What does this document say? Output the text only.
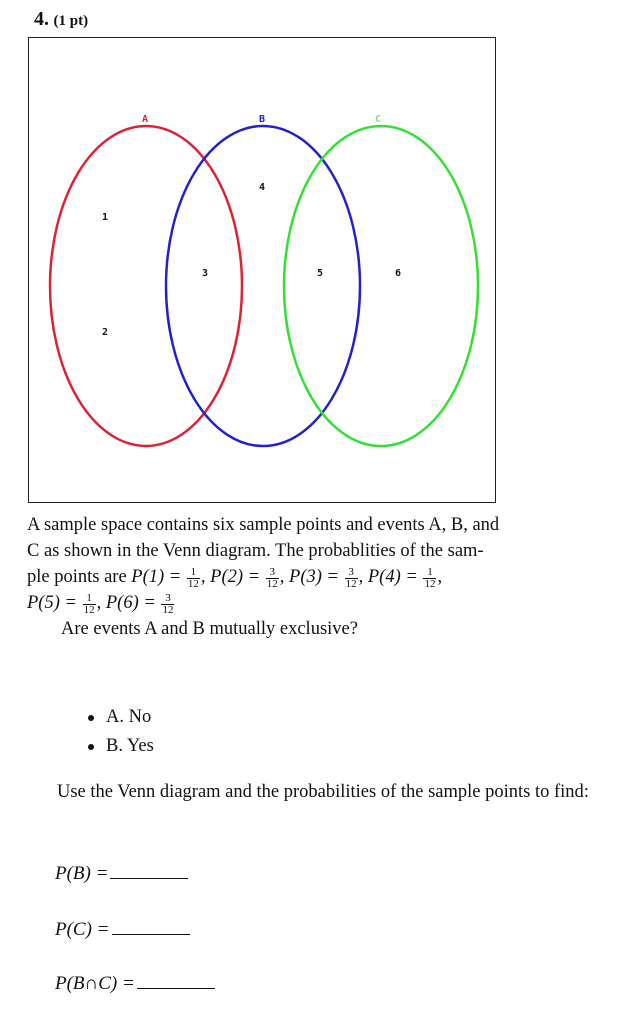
4. (1 pt)
A	B	C
1
2
3
4
5	6
A sample space contains six sample points and events A, B, and
C as shown in the Venn diagram. The probablities of the sam-
ple points are $P(1) = \frac{1}{12}$ , $P(2) = \frac{3}{12}$ , $P(3) = \frac{3}{12}$ , $P(4) = \frac{1}{12}$ ,
$P(5) = \frac{1}{12}$ , $P(6) = \frac{3}{12}$
Are events A and B mutually exclusive?
A. No
B. Yes
Use the Venn diagram and the probabilities of the sample points to find:
P(B) =
P(C) =
P(B∩C) =
